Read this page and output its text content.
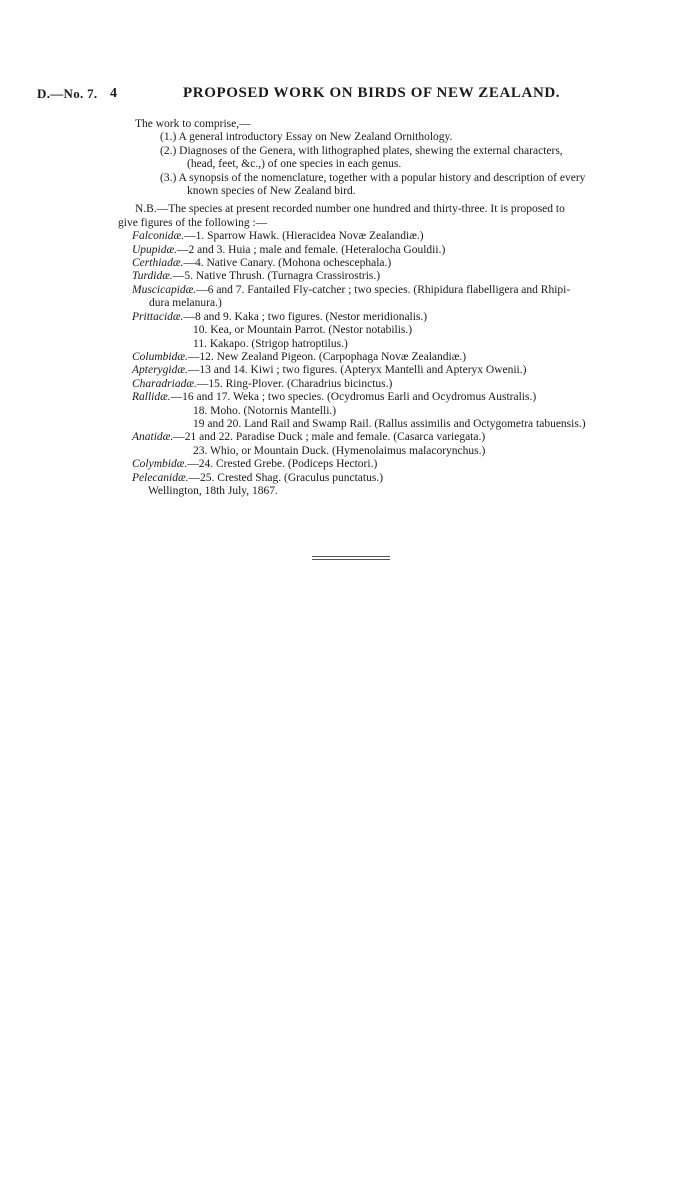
D.—No. 7. 4	PROPOSED WORK ON BIRDS OF NEW ZEALAND.
The work to comprise,—
(1.) A general introductory Essay on New Zealand Ornithology.
(2.) Diagnoses of the Genera, with lithographed plates, shewing the external characters,
(head, feet, &c.,) of one species in each genus.
(3.) A synopsis of the nomenclature, together with a popular history and description of every
known species of New Zealand bird.
N.B.—The species at present recorded number one hundred and thirty-three. It is proposed to
give figures of the following :—
Falconidæ.—1. Sparrow Hawk. (Hieracidea Novæ Zealandiæ.)
Upupidæ.—2 and 3. Huia ; male and female. (Heteralocha Gouldii.)
Certhiadæ.—4. Native Canary. (Mohona ochescephala.)
Turdidæ.—5. Native Thrush. (Turnagra Crassirostris.)
Muscicapidæ.—6 and 7. Fantailed Fly-catcher ; two species. (Rhipidura flabelligera and Rhipi-
dura melanura.)
Prittacidæ.—8 and 9. Kaka ; two figures. (Nestor meridionalis.)
10. Kea, or Mountain Parrot. (Nestor notabilis.)
11. Kakapo. (Strigop hatroptilus.)
Columbidæ.—12. New Zealand Pigeon. (Carpophaga Novæ Zealandiæ.)
Apterygidæ.—13 and 14. Kiwi ; two figures. (Apteryx Mantelli and Apteryx Owenii.)
Charadriadæ.—15. Ring-Plover. (Charadrius bicinctus.)
Rallidæ.—16 and 17. Weka ; two species. (Ocydromus Earli and Ocydromus Australis.)
18. Moho. (Notornis Mantelli.)
19 and 20. Land Rail and Swamp Rail. (Rallus assimilis and Octygometra tabuensis.)
Anatidæ.—21 and 22. Paradise Duck ; male and female. (Casarca variegata.)
23. Whio, or Mountain Duck. (Hymenolaimus malacorynchus.)
Colymbidæ.—24. Crested Grebe. (Podiceps Hectori.)
Pelecanidæ.—25. Crested Shag. (Graculus punctatus.)
Wellington, 18th July, 1867.
